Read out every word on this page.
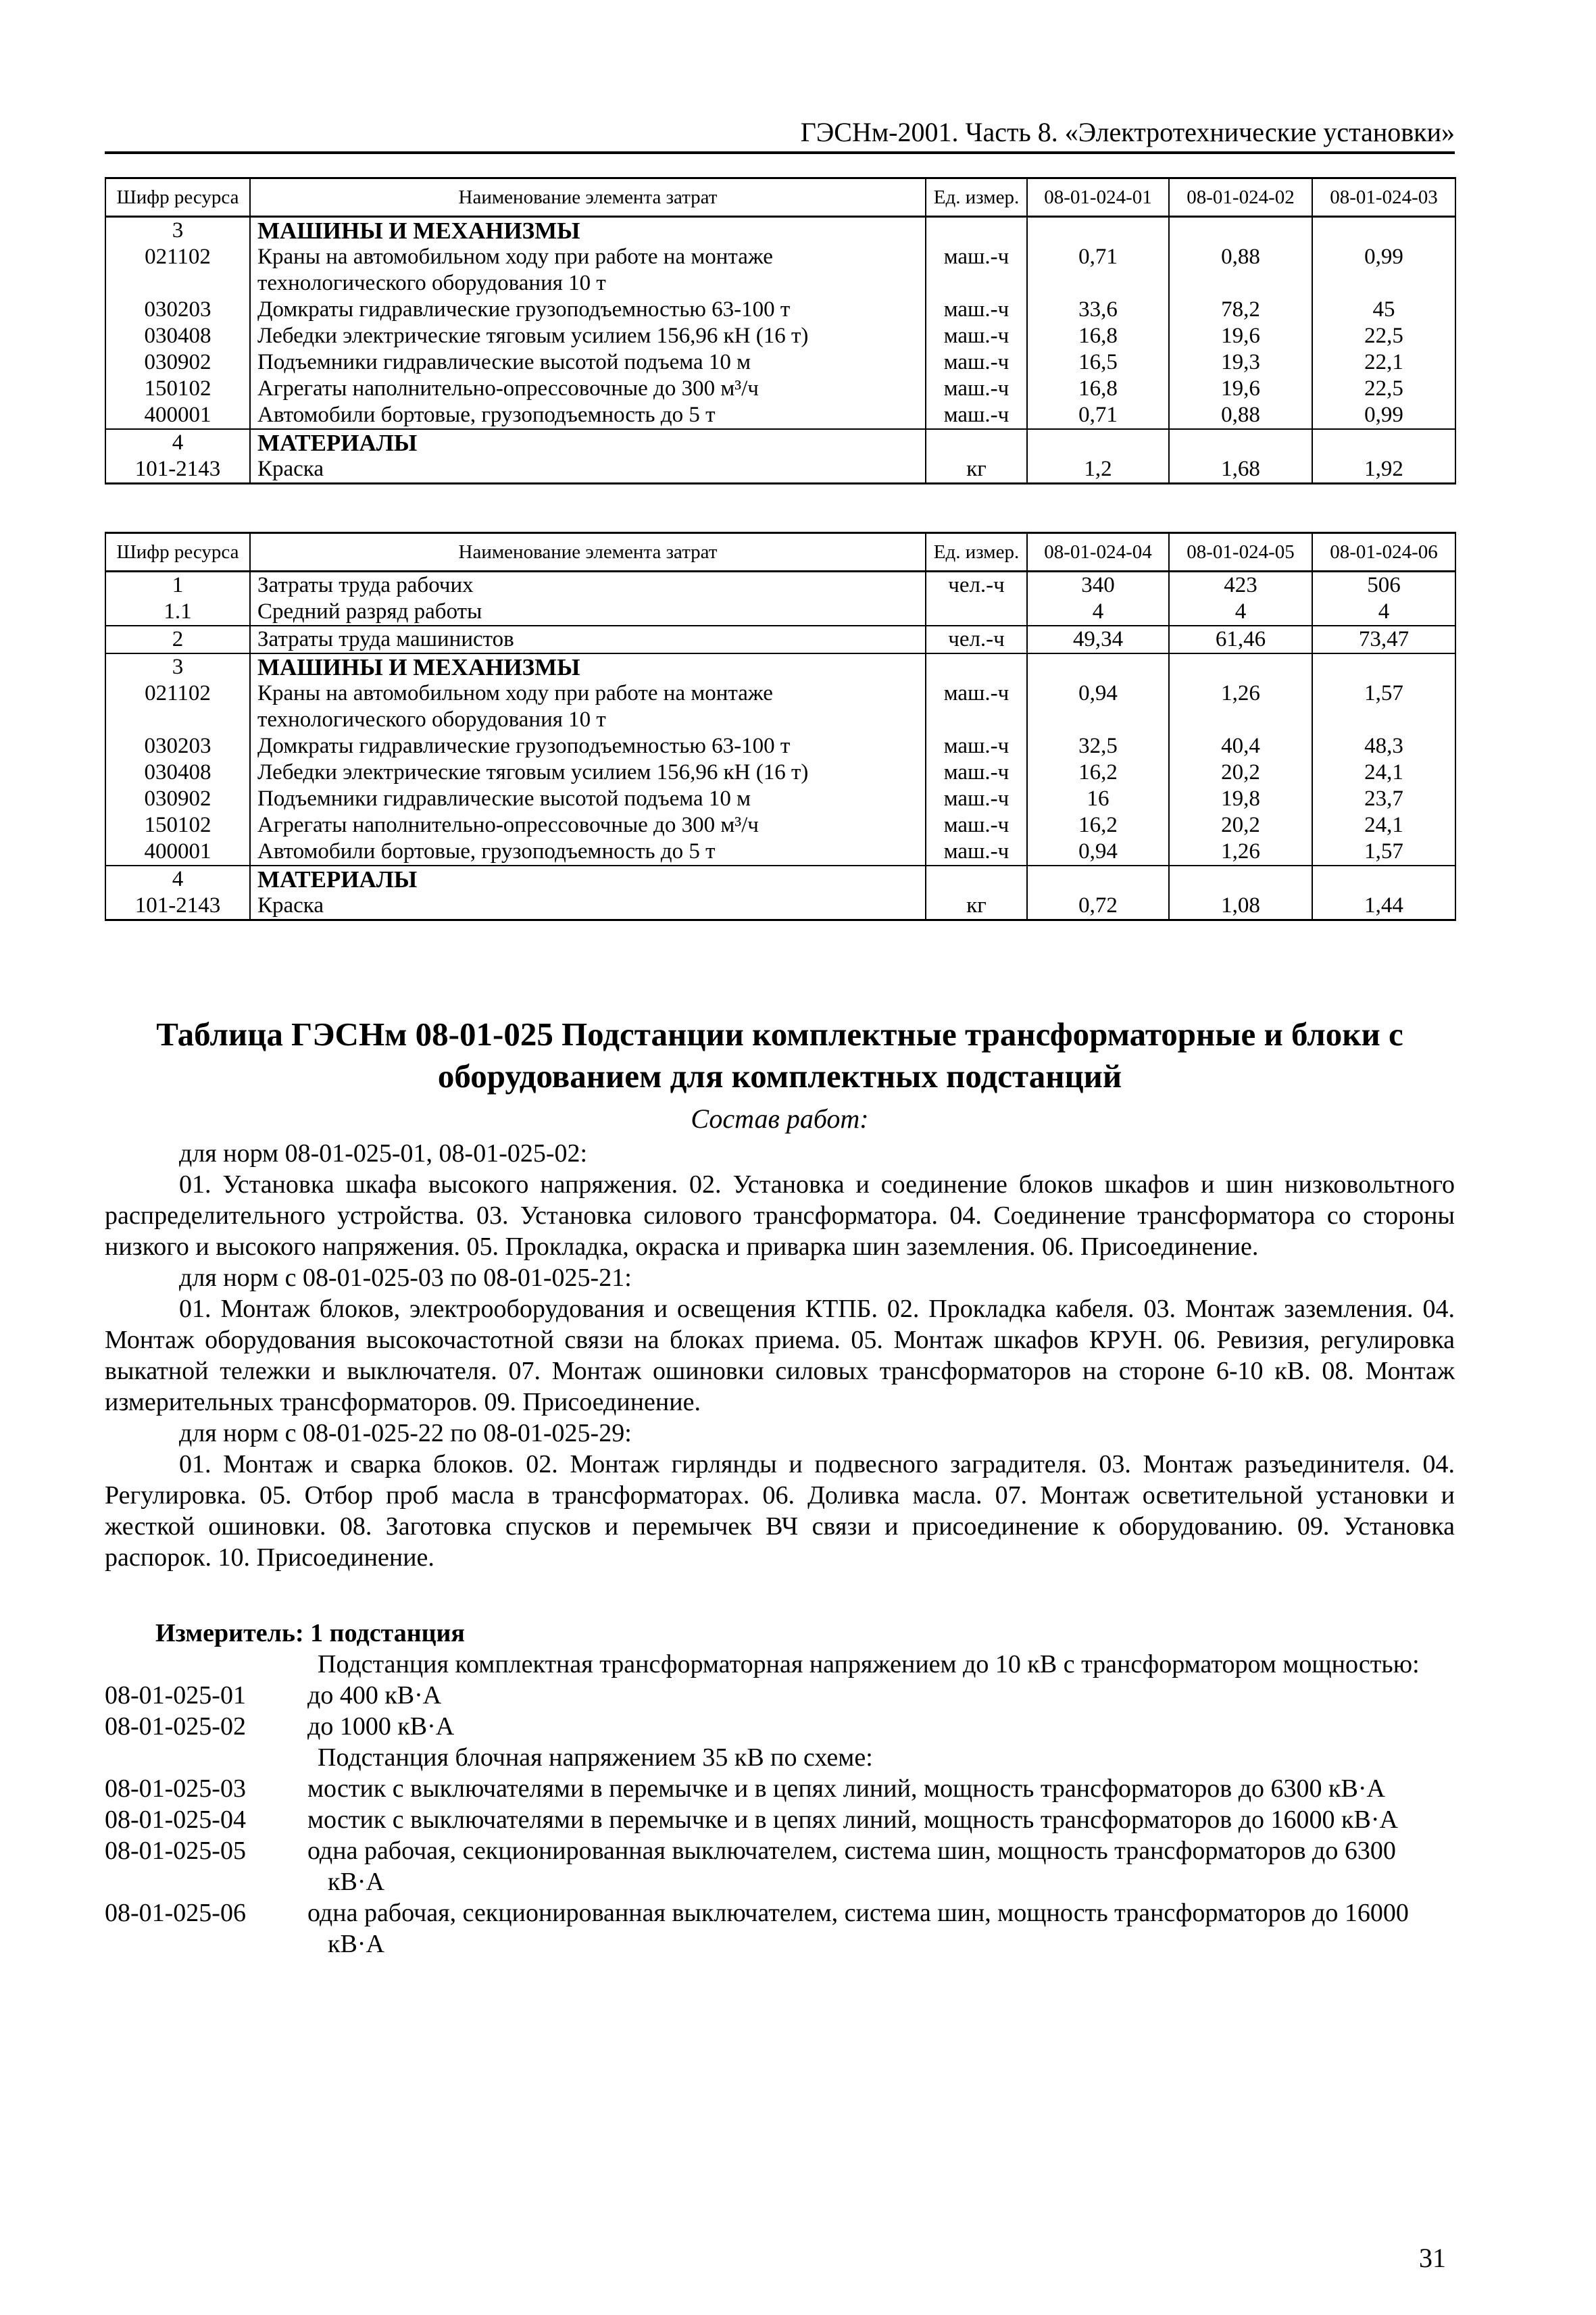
ГЭСНм-2001. Часть 8. «Электротехнические установки»
Шифр ресурса	Наименование элемента затрат	Ед. измер.	08-01-024-01	08-01-024-02	08-01-024-03
3	МАШИНЫ И МЕХАНИЗМЫ				
021102	Краны на автомобильном ходу при работе на монтаже технологического оборудования 10 т	маш.-ч	0,71	0,88	0,99
030203	Домкраты гидравлические грузоподъемностью 63-100 т	маш.-ч	33,6	78,2	45
030408	Лебедки электрические тяговым усилием 156,96 кН (16 т)	маш.-ч	16,8	19,6	22,5
030902	Подъемники гидравлические высотой подъема 10 м	маш.-ч	16,5	19,3	22,1
150102	Агрегаты наполнительно-опрессовочные до 300 м³/ч	маш.-ч	16,8	19,6	22,5
400001	Автомобили бортовые, грузоподъемность до 5 т	маш.-ч	0,71	0,88	0,99
4	МАТЕРИАЛЫ				
101-2143	Краска	кг	1,2	1,68	1,92
Шифр ресурса	Наименование элемента затрат	Ед. измер.	08-01-024-04	08-01-024-05	08-01-024-06
1	Затраты труда рабочих	чел.-ч	340	423	506
1.1	Средний разряд работы		4	4	4
2	Затраты труда машинистов	чел.-ч	49,34	61,46	73,47
3	МАШИНЫ И МЕХАНИЗМЫ				
021102	Краны на автомобильном ходу при работе на монтаже технологического оборудования 10 т	маш.-ч	0,94	1,26	1,57
030203	Домкраты гидравлические грузоподъемностью 63-100 т	маш.-ч	32,5	40,4	48,3
030408	Лебедки электрические тяговым усилием 156,96 кН (16 т)	маш.-ч	16,2	20,2	24,1
030902	Подъемники гидравлические высотой подъема 10 м	маш.-ч	16	19,8	23,7
150102	Агрегаты наполнительно-опрессовочные до 300 м³/ч	маш.-ч	16,2	20,2	24,1
400001	Автомобили бортовые, грузоподъемность до 5 т	маш.-ч	0,94	1,26	1,57
4	МАТЕРИАЛЫ				
101-2143	Краска	кг	0,72	1,08	1,44
Таблица ГЭСНм 08-01-025 Подстанции комплектные трансформаторные и блоки с оборудованием для комплектных подстанций
Состав работ:

для норм 08-01-025-01, 08-01-025-02:

01. Установка шкафа высокого напряжения. 02. Установка и соединение блоков шкафов и шин низковольтного распределительного устройства. 03. Установка силового трансформатора. 04. Соединение трансформатора со стороны низкого и высокого напряжения. 05. Прокладка, окраска и приварка шин заземления. 06. Присоединение.

для норм с 08-01-025-03 по 08-01-025-21:

01. Монтаж блоков, электрооборудования и освещения КТПБ. 02. Прокладка кабеля. 03. Монтаж заземления. 04. Монтаж оборудования высокочастотной связи на блоках приема. 05. Монтаж шкафов КРУН. 06. Ревизия, регулировка выкатной тележки и выключателя. 07. Монтаж ошиновки силовых трансформаторов на стороне 6-10 кВ. 08. Монтаж измерительных трансформаторов. 09. Присоединение.

для норм с 08-01-025-22 по 08-01-025-29:

01. Монтаж и сварка блоков. 02. Монтаж гирлянды и подвесного заградителя. 03. Монтаж разъединителя. 04. Регулировка. 05. Отбор проб масла в трансформаторах. 06. Доливка масла. 07. Монтаж осветительной установки и жесткой ошиновки. 08. Заготовка спусков и перемычек ВЧ связи и присоединение к оборудованию. 09. Установка распорок. 10. Присоединение.

Измеритель: 1 подстанция
Подстанция комплектная трансформаторная напряжением до 10 кВ с трансформатором мощностью:
08-01-025-01	до 400 кВ·А
08-01-025-02	до 1000 кВ·А
Подстанция блочная напряжением 35 кВ по схеме:
08-01-025-03	мостик с выключателями в перемычке и в цепях линий, мощность трансформаторов до 6300 кВ·А
08-01-025-04	мостик с выключателями в перемычке и в цепях линий, мощность трансформаторов до 16000 кВ·А
08-01-025-05	одна рабочая, секционированная выключателем, система шин, мощность трансформаторов до 6300 кВ·А
08-01-025-06	одна рабочая, секционированная выключателем, система шин, мощность трансформаторов до 16000 кВ·А
31
